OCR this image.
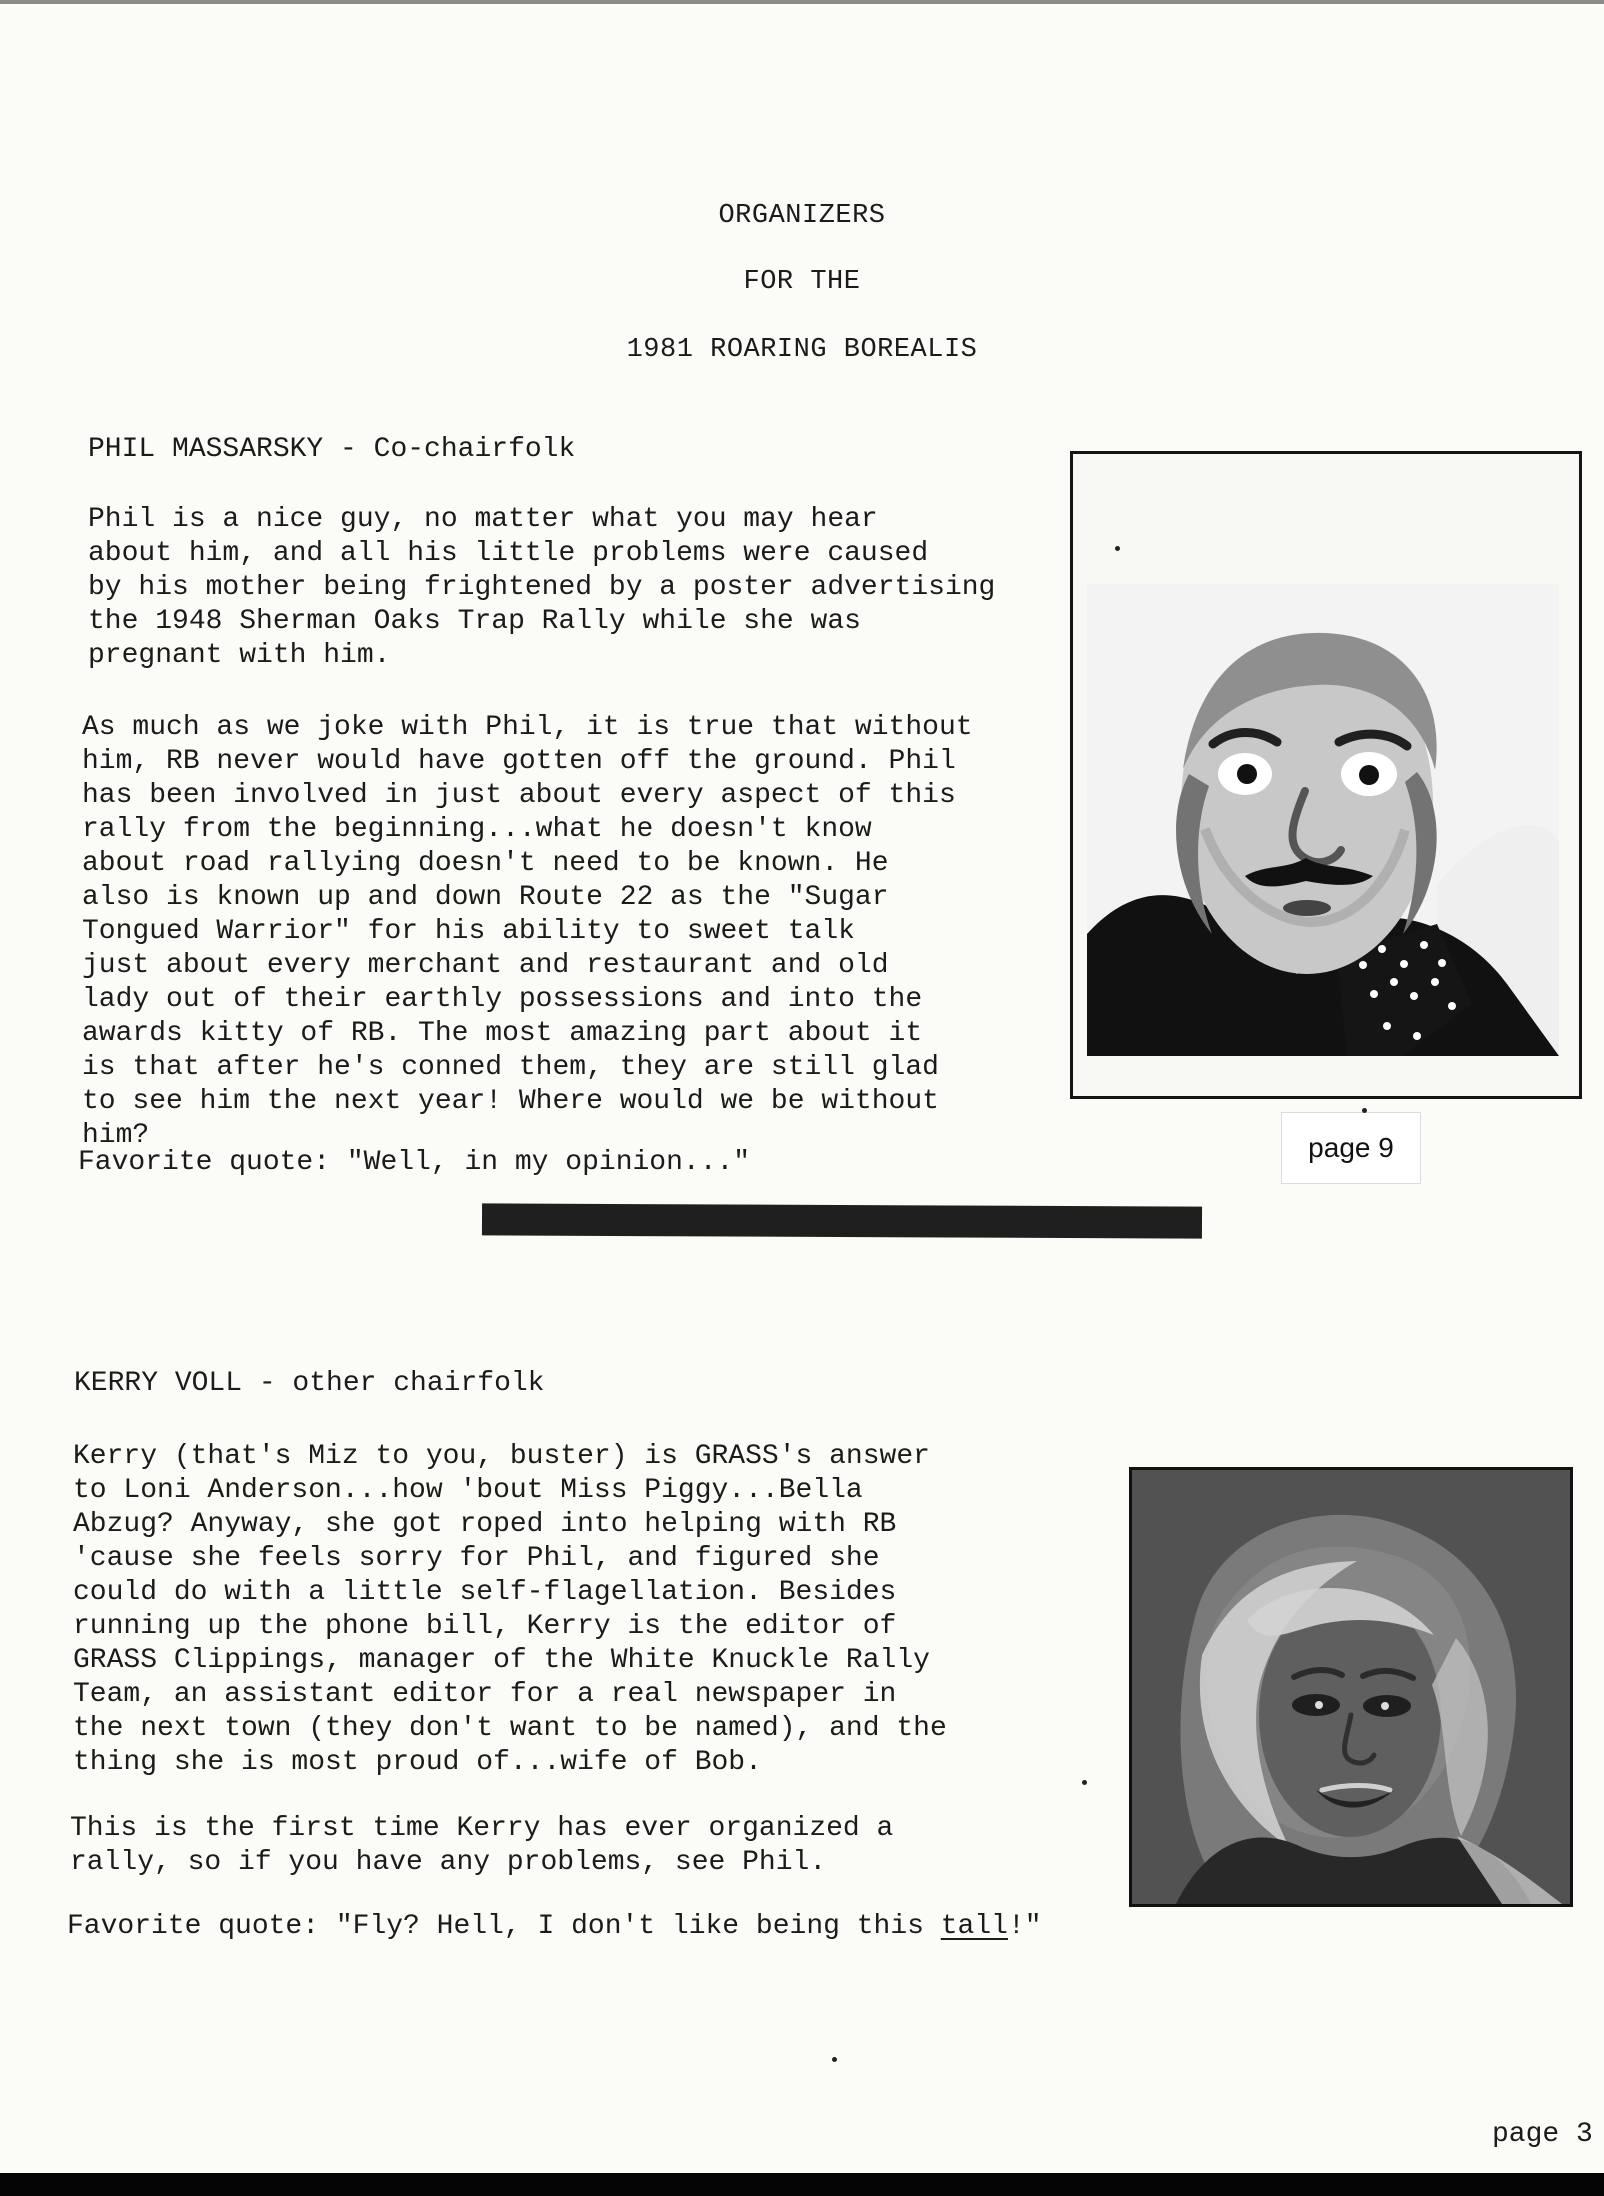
ORGANIZERS
FOR THE
1981 ROARING BOREALIS
PHIL MASSARSKY - Co-chairfolk

Phil is a nice guy, no matter what you may hear
about him, and all his little problems were caused
by his mother being frightened by a poster advertising
the 1948 Sherman Oaks Trap Rally while she was
pregnant with him.

As much as we joke with Phil, it is true that without
him, RB never would have gotten off the ground. Phil
has been involved in just about every aspect of this
rally from the beginning...what he doesn't know
about road rallying doesn't need to be known. He
also is known up and down Route 22 as the "Sugar
Tongued Warrior" for his ability to sweet talk
just about every merchant and restaurant and old
lady out of their earthly possessions and into the
awards kitty of RB. The most amazing part about it
is that after he's conned them, they are still glad
to see him the next year! Where would we be without
him?

Favorite quote: "Well, in my opinion..."	page 9
KERRY VOLL - other chairfolk

Kerry (that's Miz to you, buster) is GRASS's answer
to Loni Anderson...how 'bout Miss Piggy...Bella
Abzug? Anyway, she got roped into helping with RB
'cause she feels sorry for Phil, and figured she
could do with a little self-flagellation. Besides
running up the phone bill, Kerry is the editor of
GRASS Clippings, manager of the White Knuckle Rally
Team, an assistant editor for a real newspaper in
the next town (they don't want to be named), and the
thing she is most proud of...wife of Bob.

This is the first time Kerry has ever organized a
rally, so if you have any problems, see Phil.

Favorite quote: "Fly? Hell, I don't like being this tall!"

page 3
